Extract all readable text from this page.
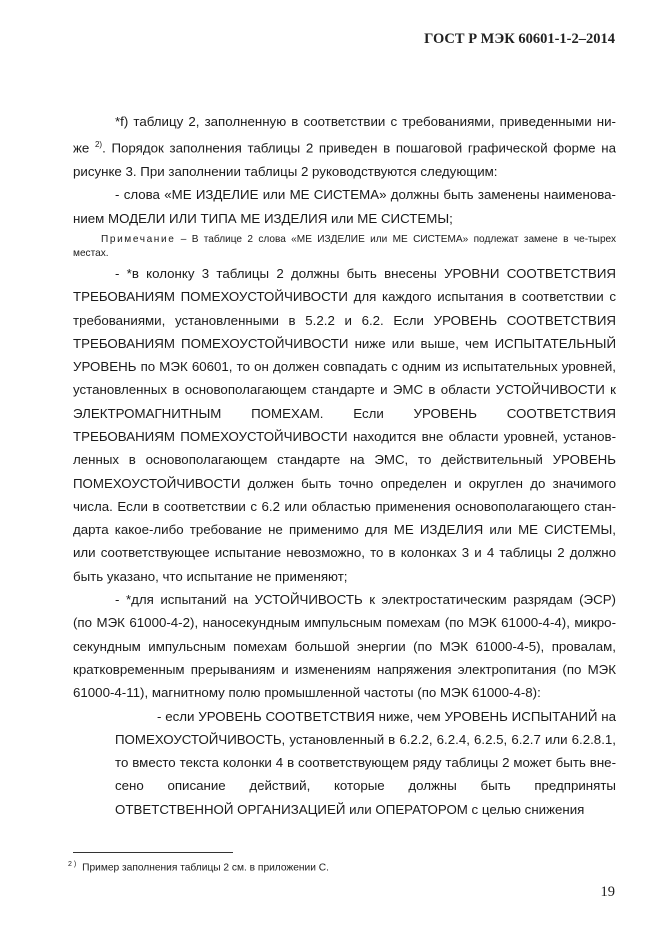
ГОСТ Р МЭК 60601-1-2–2014

*f) таблицу 2, заполненную в соответствии с требованиями, приведенными ни-же $^{2)}$. Порядок заполнения таблицы 2 приведен в пошаговой графической форме на рисунке 3. При заполнении таблицы 2 руководствуются следующим:

- слова «МЕ ИЗДЕЛИЕ или МЕ СИСТЕМА» должны быть заменены наименова-нием МОДЕЛИ ИЛИ ТИПА МЕ ИЗДЕЛИЯ или МЕ СИСТЕМЫ;

Примечание – В таблице 2 слова «МЕ ИЗДЕЛИЕ или МЕ СИСТЕМА» подлежат замене в че-тырех местах.

- *в колонку 3 таблицы 2 должны быть внесены УРОВНИ СООТВЕТСТВИЯ ТРЕБОВАНИЯМ ПОМЕХОУСТОЙЧИВОСТИ для каждого испытания в соответствии с требованиями, установленными в 5.2.2 и 6.2. Если УРОВЕНЬ СООТВЕТСТВИЯ ТРЕБОВАНИЯМ ПОМЕХОУСТОЙЧИВОСТИ ниже или выше, чем ИСПЫТАТЕЛЬНЫЙ УРОВЕНЬ по МЭК 60601, то он должен совпадать с одним из испытательных уровней, установленных в основополагающем стандарте и ЭМС в области УСТОЙЧИВОСТИ к ЭЛЕКТРОМАГНИТНЫМ ПОМЕХАМ. Если УРОВЕНЬ СООТВЕТСТВИЯ ТРЕБОВАНИЯМ ПОМЕХОУСТОЙЧИВОСТИ находится вне области уровней, установ-ленных в основополагающем стандарте на ЭМС, то действительный УРОВЕНЬ ПОМЕХОУСТОЙЧИВОСТИ должен быть точно определен и округлен до значимого числа. Если в соответствии с 6.2 или областью применения основополагающего стан-дарта какое-либо требование не применимо для МЕ ИЗДЕЛИЯ или МЕ СИСТЕМЫ, или соответствующее испытание невозможно, то в колонках 3 и 4 таблицы 2 должно быть указано, что испытание не применяют;

- *для испытаний на УСТОЙЧИВОСТЬ к электростатическим разрядам (ЭСР) (по МЭК 61000-4-2), наносекундным импульсным помехам (по МЭК 61000-4-4), микро-секундным импульсным помехам большой энергии (по МЭК 61000-4-5), провалам, кратковременным прерываниям и изменениям напряжения электропитания (по МЭК 61000-4-11), магнитному полю промышленной частоты (по МЭК 61000-4-8):

- если УРОВЕНЬ СООТВЕТСТВИЯ ниже, чем УРОВЕНЬ ИСПЫТАНИЙ на ПОМЕХОУСТОЙЧИВОСТЬ, установленный в 6.2.2, 6.2.4, 6.2.5, 6.2.7 или 6.2.8.1, то вместо текста колонки 4 в соответствующем ряду таблицы 2 может быть вне-сено описание действий, которые должны быть предприняты ОТВЕТСТВЕННОЙ ОРГАНИЗАЦИЕЙ или ОПЕРАТОРОМ с целью снижения

$^{2 )}$ Пример заполнения таблицы 2 см. в приложении С.
19
